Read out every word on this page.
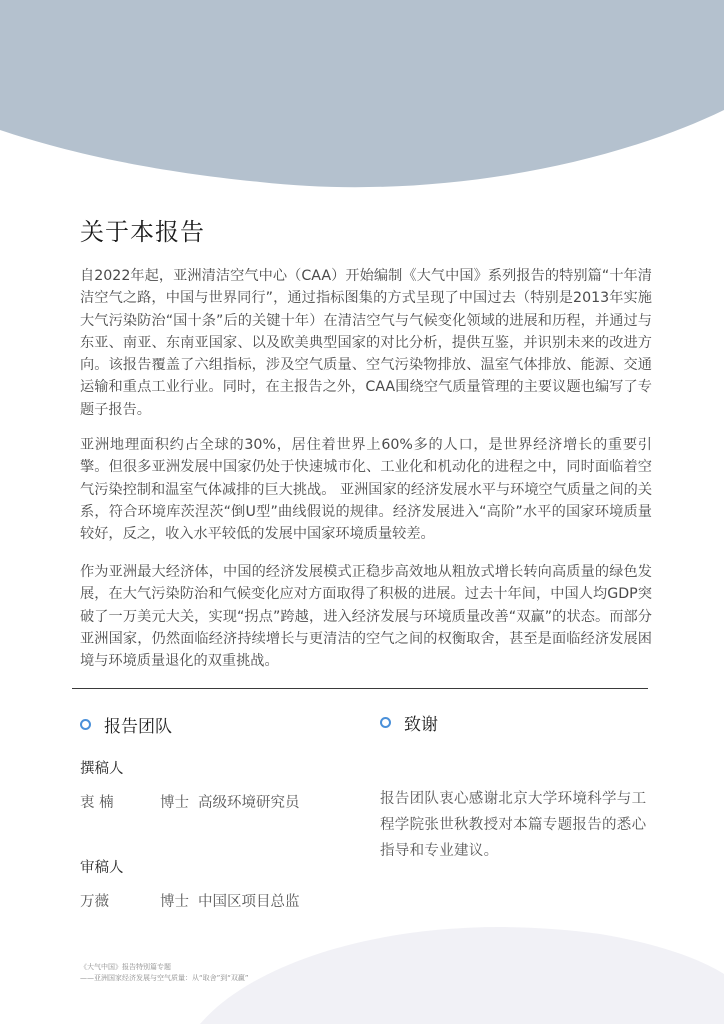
关于本报告

自2022年起，亚洲清洁空气中心（CAA）开始编制《大气中国》系列报告的特别篇“十年清洁空气之路，中国与世界同行”，通过指标图集的方式呈现了中国过去（特别是2013年实施大气污染防治“国十条”后的关键十年）在清洁空气与气候变化领域的进展和历程，并通过与东亚、南亚、东南亚国家、以及欧美典型国家的对比分析，提供互鉴，并识别未来的改进方向。该报告覆盖了六组指标，涉及空气质量、空气污染物排放、温室气体排放、能源、交通运输和重点工业行业。同时，在主报告之外，CAA围绕空气质量管理的主要议题也编写了专题子报告。

亚洲地理面积约占全球的30%，居住着世界上60%多的人口，是世界经济增长的重要引擎。但很多亚洲发展中国家仍处于快速城市化、工业化和机动化的进程之中，同时面临着空气污染控制和温室气体减排的巨大挑战。 亚洲国家的经济发展水平与环境空气质量之间的关系，符合环境库茨涅茨“倒U型”曲线假说的规律。经济发展进入“高阶”水平的国家环境质量较好，反之，收入水平较低的发展中国家环境质量较差。

作为亚洲最大经济体，中国的经济发展模式正稳步高效地从粗放式增长转向高质量的绿色发展，在大气污染防治和气候变化应对方面取得了积极的进展。过去十年间，中国人均GDP突破了一万美元大关，实现“拐点”跨越，进入经济发展与环境质量改善“双赢”的状态。而部分亚洲国家，仍然面临经济持续增长与更清洁的空气之间的权衡取舍，甚至是面临经济发展困境与环境质量退化的双重挑战。

报告团队
撰稿人
衷 楠	博士 高级环境研究员
审稿人
万薇	博士 中国区项目总监
致谢

报告团队衷心感谢北京大学环境科学与工程学院张世秋教授对本篇专题报告的悉心指导和专业建议。

《大气中国》报告特别篇专题
——亚洲国家经济发展与空气质量：从“取舍”到“双赢”
